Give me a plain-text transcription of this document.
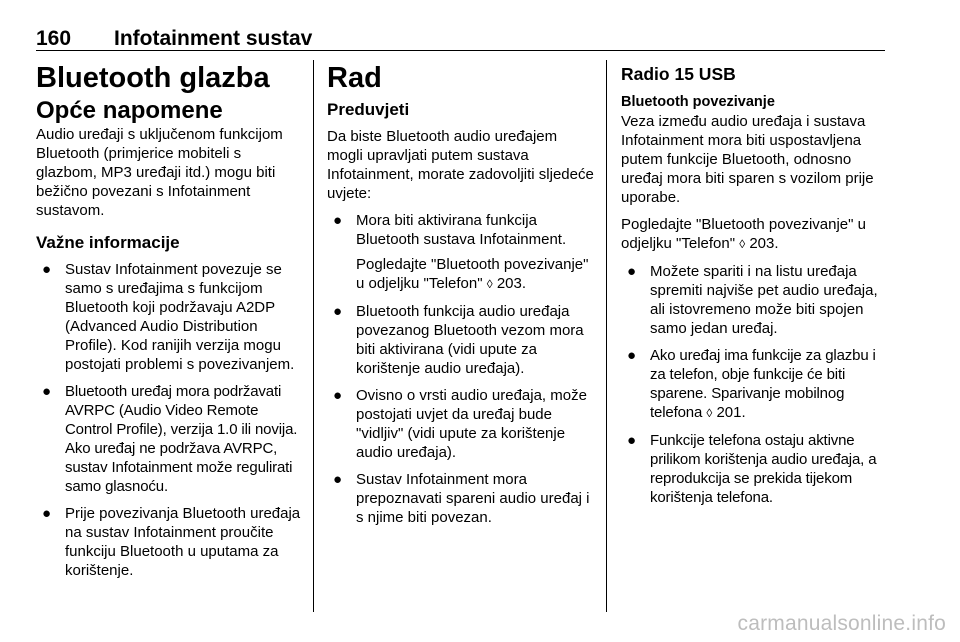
160 Infotainment sustav
Bluetooth glazba
Opće napomene

Audio uređaji s uključenom funkcijom Bluetooth (primjerice mobiteli s glazbom, MP3 uređaji itd.) mogu biti bežično povezani s Infotainment sustavom.

Važne informacije
● Sustav Infotainment povezuje se samo s uređajima s funkcijom Bluetooth koji podržavaju A2DP (Advanced Audio Distribution Profile). Kod ranijih verzija mogu postojati problemi s povezivanjem.
● Bluetooth uređaj mora podržavati AVRPC (Audio Video Remote Control Profile), verzija 1.0 ili novija. Ako uređaj ne podržava AVRPC, sustav Infotainment može regulirati samo glasnoću.
● Prije povezivanja Bluetooth uređaja na sustav Infotainment proučite funkciju Bluetooth u uputama za korištenje.
Rad
Preduvjeti

Da biste Bluetooth audio uređajem mogli upravljati putem sustava Infotainment, morate zadovoljiti sljedeće uvjete:

● Mora biti aktivirana funkcija Bluetooth sustava Infotainment.

Pogledajte "Bluetooth povezivanje" u odjeljku "Telefon" ◊ 203.

● Bluetooth funkcija audio uređaja povezanog Bluetooth vezom mora biti aktivirana (vidi upute za korištenje audio uređaja).
● Ovisno o vrsti audio uređaja, može postojati uvjet da uređaj bude "vidljiv" (vidi upute za korištenje audio uređaja).
● Sustav Infotainment mora prepoznavati spareni audio uređaj i s njime biti povezan.
Radio 15 USB
Bluetooth povezivanje

Veza između audio uređaja i sustava Infotainment mora biti uspostavljena putem funkcije Bluetooth, odnosno uređaj mora biti sparen s vozilom prije uporabe.

Pogledajte "Bluetooth povezivanje" u odjeljku "Telefon" ◊ 203.

● Možete spariti i na listu uređaja spremiti najviše pet audio uređaja, ali istovremeno može biti spojen samo jedan uređaj.
● Ako uređaj ima funkcije za glazbu i za telefon, obje funkcije će biti sparene. Sparivanje mobilnog telefona ◊ 201.
● Funkcije telefona ostaju aktivne prilikom korištenja audio uređaja, a reprodukcija se prekida tijekom korištenja telefona.
carmanualsonline.info
